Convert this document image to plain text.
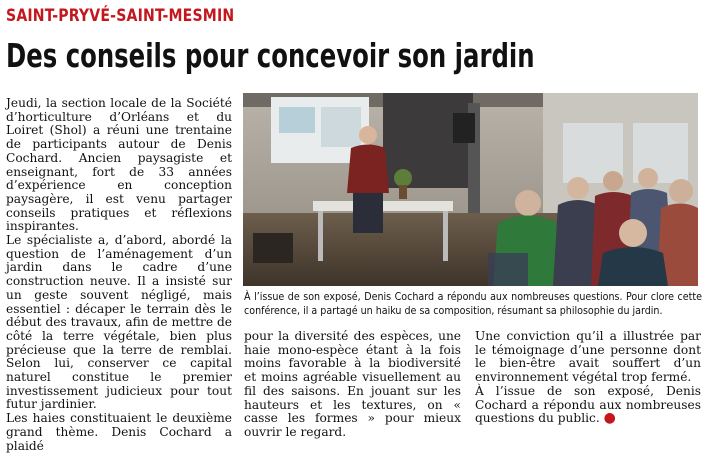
SAINT-PRYVÉ-SAINT-MESMIN
Des conseils pour concevoir son jardin

Jeudi, la section locale de la Société d’horticulture d’Orléans et du Loiret (Shol) a réuni une trentaine de participants autour de Denis Cochard. Ancien paysagiste et enseignant, fort de 33 années d’expérience en conception paysagère, il est venu partager conseils pratiques et réflexions inspirantes.

Le spécialiste a, d’abord, abordé la question de l’aménagement d’un jardin dans le cadre d’une construction neuve. Il a insisté sur un geste souvent négligé, mais essentiel : décaper le terrain dès le début des travaux, afin de mettre de côté la terre végétale, bien plus précieuse que la terre de remblai. Selon lui, conserver ce capital naturel constitue le premier investissement judicieux pour tout futur jardinier.

Les haies constituaient le deuxième grand thème. Denis Cochard a plaidé

À l’issue de son exposé, Denis Cochard a répondu aux nombreuses questions. Pour clore cette conférence, il a partagé un haiku de sa composition, résumant sa philosophie du jardin.

pour la diversité des espèces, une haie mono-espèce étant à la fois moins favorable à la biodiversité et moins agréable visuellement au fil des saisons. En jouant sur les hauteurs et les textures, on « casse les formes » pour mieux ouvrir le regard.

Une conviction qu’il a illustrée par le témoignage d’une personne dont le bien-être avait souffert d’un environnement végétal trop fermé.

À l’issue de son exposé, Denis Cochard a répondu aux nombreuses questions du public. ●
